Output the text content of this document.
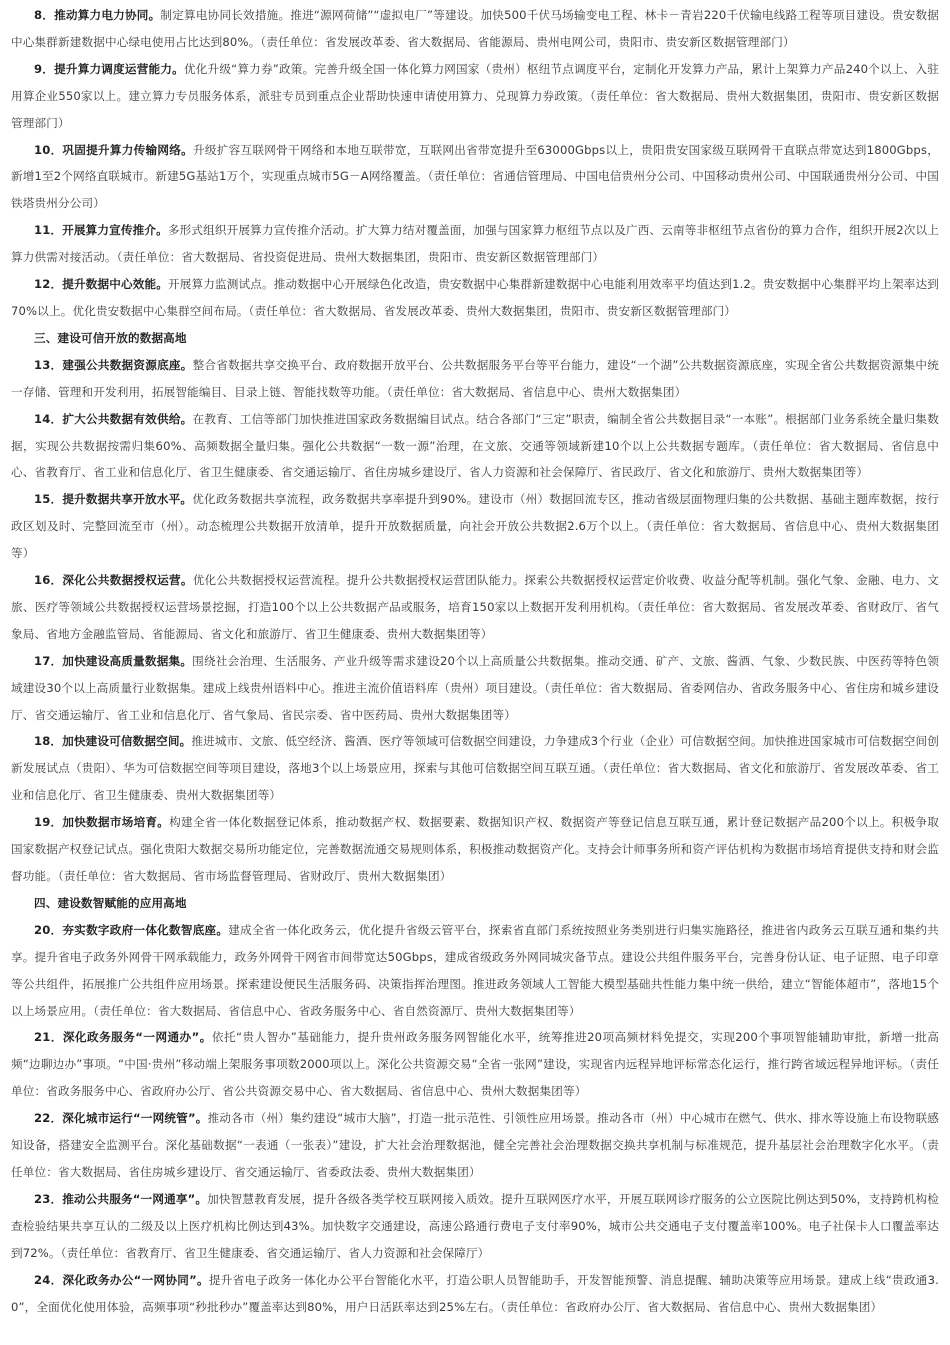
8．推动算力电力协同。制定算电协同长效措施。推进“源网荷储”“虚拟电厂”等建设。加快500千伏马场输变电工程、林卡－青岩220千伏输电线路工程等项目建设。贵安数据中心集群新建数据中心绿电使用占比达到80%。（责任单位：省发展改革委、省大数据局、省能源局、贵州电网公司，贵阳市、贵安新区数据管理部门）

9．提升算力调度运营能力。优化升级“算力券”政策。完善升级全国一体化算力网国家（贵州）枢纽节点调度平台，定制化开发算力产品，累计上架算力产品240个以上、入驻用算企业550家以上。建立算力专员服务体系，派驻专员到重点企业帮助快速申请使用算力、兑现算力券政策。（责任单位：省大数据局、贵州大数据集团，贵阳市、贵安新区数据管理部门）

10．巩固提升算力传输网络。升级扩容互联网骨干网络和本地互联带宽，互联网出省带宽提升至63000Gbps以上，贵阳贵安国家级互联网骨干直联点带宽达到1800Gbps，新增1至2个网络直联城市。新建5G基站1万个，实现重点城市5G－A网络覆盖。（责任单位：省通信管理局、中国电信贵州分公司、中国移动贵州公司、中国联通贵州分公司、中国铁塔贵州分公司）

11．开展算力宣传推介。多形式组织开展算力宣传推介活动。扩大算力结对覆盖面，加强与国家算力枢纽节点以及广西、云南等非枢纽节点省份的算力合作，组织开展2次以上算力供需对接活动。（责任单位：省大数据局、省投资促进局、贵州大数据集团，贵阳市、贵安新区数据管理部门）

12．提升数据中心效能。开展算力监测试点。推动数据中心开展绿色化改造，贵安数据中心集群新建数据中心电能利用效率平均值达到1.2。贵安数据中心集群平均上架率达到70%以上。优化贵安数据中心集群空间布局。（责任单位：省大数据局、省发展改革委、贵州大数据集团，贵阳市、贵安新区数据管理部门）

三、建设可信开放的数据高地

13．建强公共数据资源底座。整合省数据共享交换平台、政府数据开放平台、公共数据服务平台等平台能力，建设“一个湖”公共数据资源底座，实现全省公共数据资源集中统一存储、管理和开发利用，拓展智能编目、目录上链、智能找数等功能。（责任单位：省大数据局、省信息中心、贵州大数据集团）

14．扩大公共数据有效供给。在教育、工信等部门加快推进国家政务数据编目试点。结合各部门“三定”职责，编制全省公共数据目录“一本账”。根据部门业务系统全量归集数据，实现公共数据按需归集60%、高频数据全量归集。强化公共数据“一数一源”治理，在文旅、交通等领域新建10个以上公共数据专题库。（责任单位：省大数据局、省信息中心、省教育厅、省工业和信息化厅、省卫生健康委、省交通运输厅、省住房城乡建设厅、省人力资源和社会保障厅、省民政厅、省文化和旅游厅、贵州大数据集团等）

15．提升数据共享开放水平。优化政务数据共享流程，政务数据共享率提升到90%。建设市（州）数据回流专区，推动省级层面物理归集的公共数据、基础主题库数据，按行政区划及时、完整回流至市（州）。动态梳理公共数据开放清单，提升开放数据质量，向社会开放公共数据2.6万个以上。（责任单位：省大数据局、省信息中心、贵州大数据集团等）

16．深化公共数据授权运营。优化公共数据授权运营流程。提升公共数据授权运营团队能力。探索公共数据授权运营定价收费、收益分配等机制。强化气象、金融、电力、文旅、医疗等领域公共数据授权运营场景挖掘，打造100个以上公共数据产品或服务，培育150家以上数据开发利用机构。（责任单位：省大数据局、省发展改革委、省财政厅、省气象局、省地方金融监管局、省能源局、省文化和旅游厅、省卫生健康委、贵州大数据集团等）

17．加快建设高质量数据集。围绕社会治理、生活服务、产业升级等需求建设20个以上高质量公共数据集。推动交通、矿产、文旅、酱酒、气象、少数民族、中医药等特色领域建设30个以上高质量行业数据集。建成上线贵州语料中心。推进主流价值语料库（贵州）项目建设。（责任单位：省大数据局、省委网信办、省政务服务中心、省住房和城乡建设厅、省交通运输厅、省工业和信息化厅、省气象局、省民宗委、省中医药局、贵州大数据集团等）

18．加快建设可信数据空间。推进城市、文旅、低空经济、酱酒、医疗等领域可信数据空间建设，力争建成3个行业（企业）可信数据空间。加快推进国家城市可信数据空间创新发展试点（贵阳）、华为可信数据空间等项目建设，落地3个以上场景应用，探索与其他可信数据空间互联互通。（责任单位：省大数据局、省文化和旅游厅、省发展改革委、省工业和信息化厅、省卫生健康委、贵州大数据集团等）

19．加快数据市场培育。构建全省一体化数据登记体系，推动数据产权、数据要素、数据知识产权、数据资产等登记信息互联互通，累计登记数据产品200个以上。积极争取国家数据产权登记试点。强化贵阳大数据交易所功能定位，完善数据流通交易规则体系，积极推动数据资产化。支持会计师事务所和资产评估机构为数据市场培育提供支持和财会监督功能。（责任单位：省大数据局、省市场监督管理局、省财政厅、贵州大数据集团）

四、建设数智赋能的应用高地

20．夯实数字政府一体化数智底座。建成全省一体化政务云，优化提升省级云管平台，探索省直部门系统按照业务类别进行归集实施路径，推进省内政务云互联互通和集约共享。提升省电子政务外网骨干网承载能力，政务外网骨干网省市间带宽达50Gbps，建成省级政务外网同城灾备节点。建设公共组件服务平台，完善身份认证、电子证照、电子印章等公共组件，拓展推广公共组件应用场景。探索建设便民生活服务码、决策指挥治理图。推进政务领域人工智能大模型基础共性能力集中统一供给，建立“智能体超市”，落地15个以上场景应用。（责任单位：省大数据局、省信息中心、省政务服务中心、省自然资源厅、贵州大数据集团等）

21．深化政务服务“一网通办”。依托“贵人智办”基础能力，提升贵州政务服务网智能化水平，统筹推进20项高频材料免提交，实现200个事项智能辅助审批，新增一批高频“边聊边办”事项。“中国·贵州”移动端上架服务事项数2000项以上。深化公共资源交易“全省一张网”建设，实现省内远程异地评标常态化运行，推行跨省域远程异地评标。（责任单位：省政务服务中心、省政府办公厅、省公共资源交易中心、省大数据局、省信息中心、贵州大数据集团等）

22．深化城市运行“一网统管”。推动各市（州）集约建设“城市大脑”，打造一批示范性、引领性应用场景。推动各市（州）中心城市在燃气、供水、排水等设施上布设物联感知设备，搭建安全监测平台。深化基础数据“一表通（一张表）”建设，扩大社会治理数据池，健全完善社会治理数据交换共享机制与标准规范，提升基层社会治理数字化水平。（责任单位：省大数据局、省住房城乡建设厅、省交通运输厅、省委政法委、贵州大数据集团）

23．推动公共服务“一网通享”。加快智慧教育发展，提升各级各类学校互联网接入质效。提升互联网医疗水平，开展互联网诊疗服务的公立医院比例达到50%，支持跨机构检查检验结果共享互认的二级及以上医疗机构比例达到43%。加快数字交通建设，高速公路通行费电子支付率90%，城市公共交通电子支付覆盖率100%。电子社保卡人口覆盖率达到72%。（责任单位：省教育厅、省卫生健康委、省交通运输厅、省人力资源和社会保障厅）

24．深化政务办公“一网协同”。提升省电子政务一体化办公平台智能化水平，打造公职人员智能助手，开发智能预警、消息提醒、辅助决策等应用场景。建成上线“贵政通3.0”，全面优化使用体验，高频事项“秒批秒办”覆盖率达到80%，用户日活跃率达到25%左右。（责任单位：省政府办公厅、省大数据局、省信息中心、贵州大数据集团）
